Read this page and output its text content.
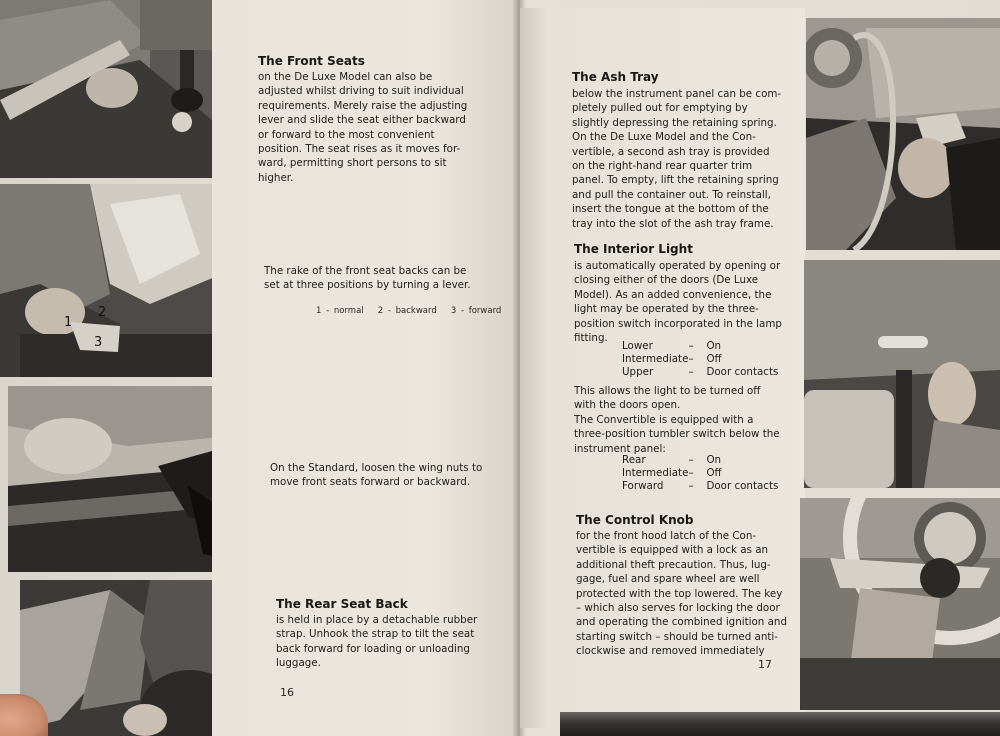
2
1
3

The Front Seats

on the De Luxe Model can also be
adjusted whilst driving to suit individual
requirements. Merely raise the adjusting
lever and slide the seat either backward
or forward to the most convenient
position. The seat rises as it moves for-
ward, permitting short persons to sit
higher.
The rake of the front seat backs can be
set at three positions by turning a lever.

1 - normal   2 - backward   3 - forward

On the Standard, loosen the wing nuts to
move front seats forward or backward.

The Rear Seat Back

is held in place by a detachable rubber
strap. Unhook the strap to tilt the seat
back forward for loading or unloading
luggage.

16

The Ash Tray

below the instrument panel can be com-
pletely pulled out for emptying by
slightly depressing the retaining spring.
On the De Luxe Model and the Con-
vertible, a second ash tray is provided
on the right-hand rear quarter trim
panel. To empty, lift the retaining spring
and pull the container out. To reinstall,
insert the tongue at the bottom of the
tray into the slot of the ash tray frame.

The Interior Light

is automatically operated by opening or
closing either of the doors (De Luxe
Model). As an added convenience, the
light may be operated by the three-
position switch incorporated in the lamp
fitting.
Lower	–	On
Intermediate	–	Off
Upper	–	Door contacts
This allows the light to be turned off
with the doors open.
The Convertible is equipped with a
three-position tumbler switch below the
instrument panel:
Rear	–	On
Intermediate	–	Off
Forward	–	Door contacts

The Control Knob

for the front hood latch of the Con-
vertible is equipped with a lock as an
additional theft precaution. Thus, lug-
gage, fuel and spare wheel are well
protected with the top lowered. The key
– which also serves for locking the door
and operating the combined ignition and
starting switch – should be turned anti-
clockwise and removed immediately

17
